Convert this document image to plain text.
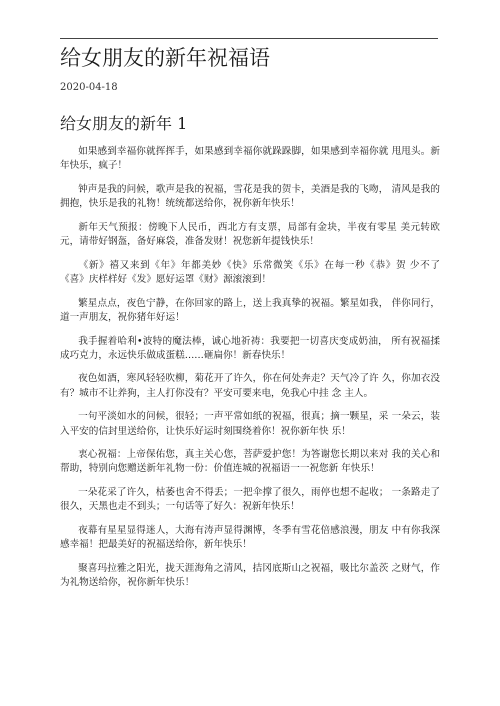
给女朋友的新年祝福语
2020-04-18
给女朋友的新年 1

如果感到幸福你就挥挥手，如果感到幸福你就跺跺脚，如果感到幸福你就 甩甩头。新年快乐，疯子！

钟声是我的问候，歌声是我的祝福，雪花是我的贺卡，美酒是我的飞吻， 清风是我的拥抱，快乐是我的礼物！统统都送给你，祝你新年快乐！

新年天气预报：傍晚下人民币，西北方有支票，局部有金块，半夜有零星 美元转欧元，请带好钢盔，备好麻袋，准备发财！祝您新年提钱快乐！

《新》禧又来到《年》年都美妙《快》乐常微笑《乐》在每一秒《恭》贺 少不了《喜》庆样样好《发》愿好运罩《财》源滚滚到！

繁星点点，夜色宁静，在你回家的路上，送上我真挚的祝福。繁星如我， 伴你同行，道一声朋友，祝你猪年好运！

我手握着哈利•波特的魔法棒，诚心地祈祷：我要把一切喜庆变成奶油， 所有祝福揉成巧克力，永远快乐做成蛋糕……砸扁你！新春快乐！

夜色如酒，寒风轻轻吹柳，菊花开了许久，你在何处奔走？天气冷了许 久，你加衣没有？城市不让养狗，主人打你没有？平安可要来电，免我心中挂 念 主人。

一句平淡如水的问候，很轻；一声平常如纸的祝福，很真；摘一颗星，采 一朵云，装入平安的信封里送给你，让快乐好运时刻围绕着你！祝你新年快 乐！

衷心祝福：上帝保佑您，真主关心您，菩萨爱护您！为答谢您长期以来对 我的关心和帮助，特别向您赠送新年礼物一份：价值连城的祝福语一一祝您新 年快乐！

一朵花采了许久，枯萎也舍不得丢；一把伞撑了很久，雨停也想不起收； 一条路走了很久，天黑也走不到头；一句话等了好久：祝新年快乐！

夜幕有星星显得迷人，大海有涛声显得渊博，冬季有雪花倍感浪漫，朋友 中有你我深感幸福！把最美好的祝福送给你，新年快乐！

聚喜玛拉雅之阳光，拢天涯海角之清风，拮冈底斯山之祝福，吸比尔盖茨 之财气，作为礼物送给你，祝你新年快乐！
